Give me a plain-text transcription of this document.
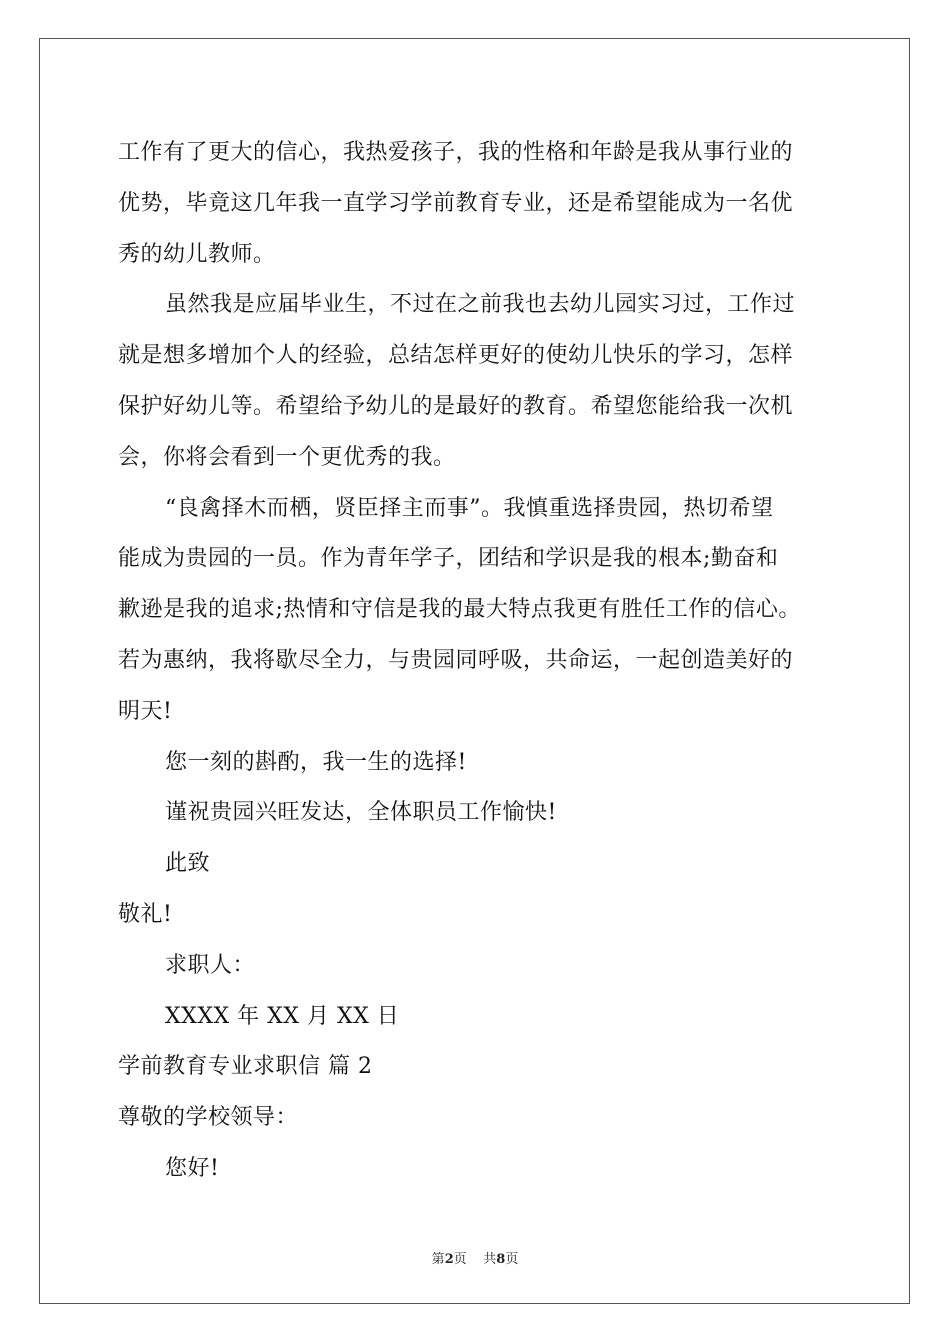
工作有了更大的信心，我热爱孩子，我的性格和年龄是我从事行业的
优势，毕竟这几年我一直学习学前教育专业，还是希望能成为一名优
秀的幼儿教师。
虽然我是应届毕业生，不过在之前我也去幼儿园实习过，工作过
就是想多增加个人的经验，总结怎样更好的使幼儿快乐的学习，怎样
保护好幼儿等。希望给予幼儿的是最好的教育。希望您能给我一次机
会，你将会看到一个更优秀的我。
“良禽择木而栖，贤臣择主而事”。我慎重选择贵园，热切希望
能成为贵园的一员。作为青年学子，团结和学识是我的根本;勤奋和
歉逊是我的追求;热情和守信是我的最大特点我更有胜任工作的信心。
若为惠纳，我将歇尽全力，与贵园同呼吸，共命运，一起创造美好的
明天!
您一刻的斟酌，我一生的选择!
谨祝贵园兴旺发达，全体职员工作愉快!
此致
敬礼!
求职人：
XXXX 年 XX 月 XX 日
学前教育专业求职信 篇 2
尊敬的学校领导：
您好!
第2页    共8页
